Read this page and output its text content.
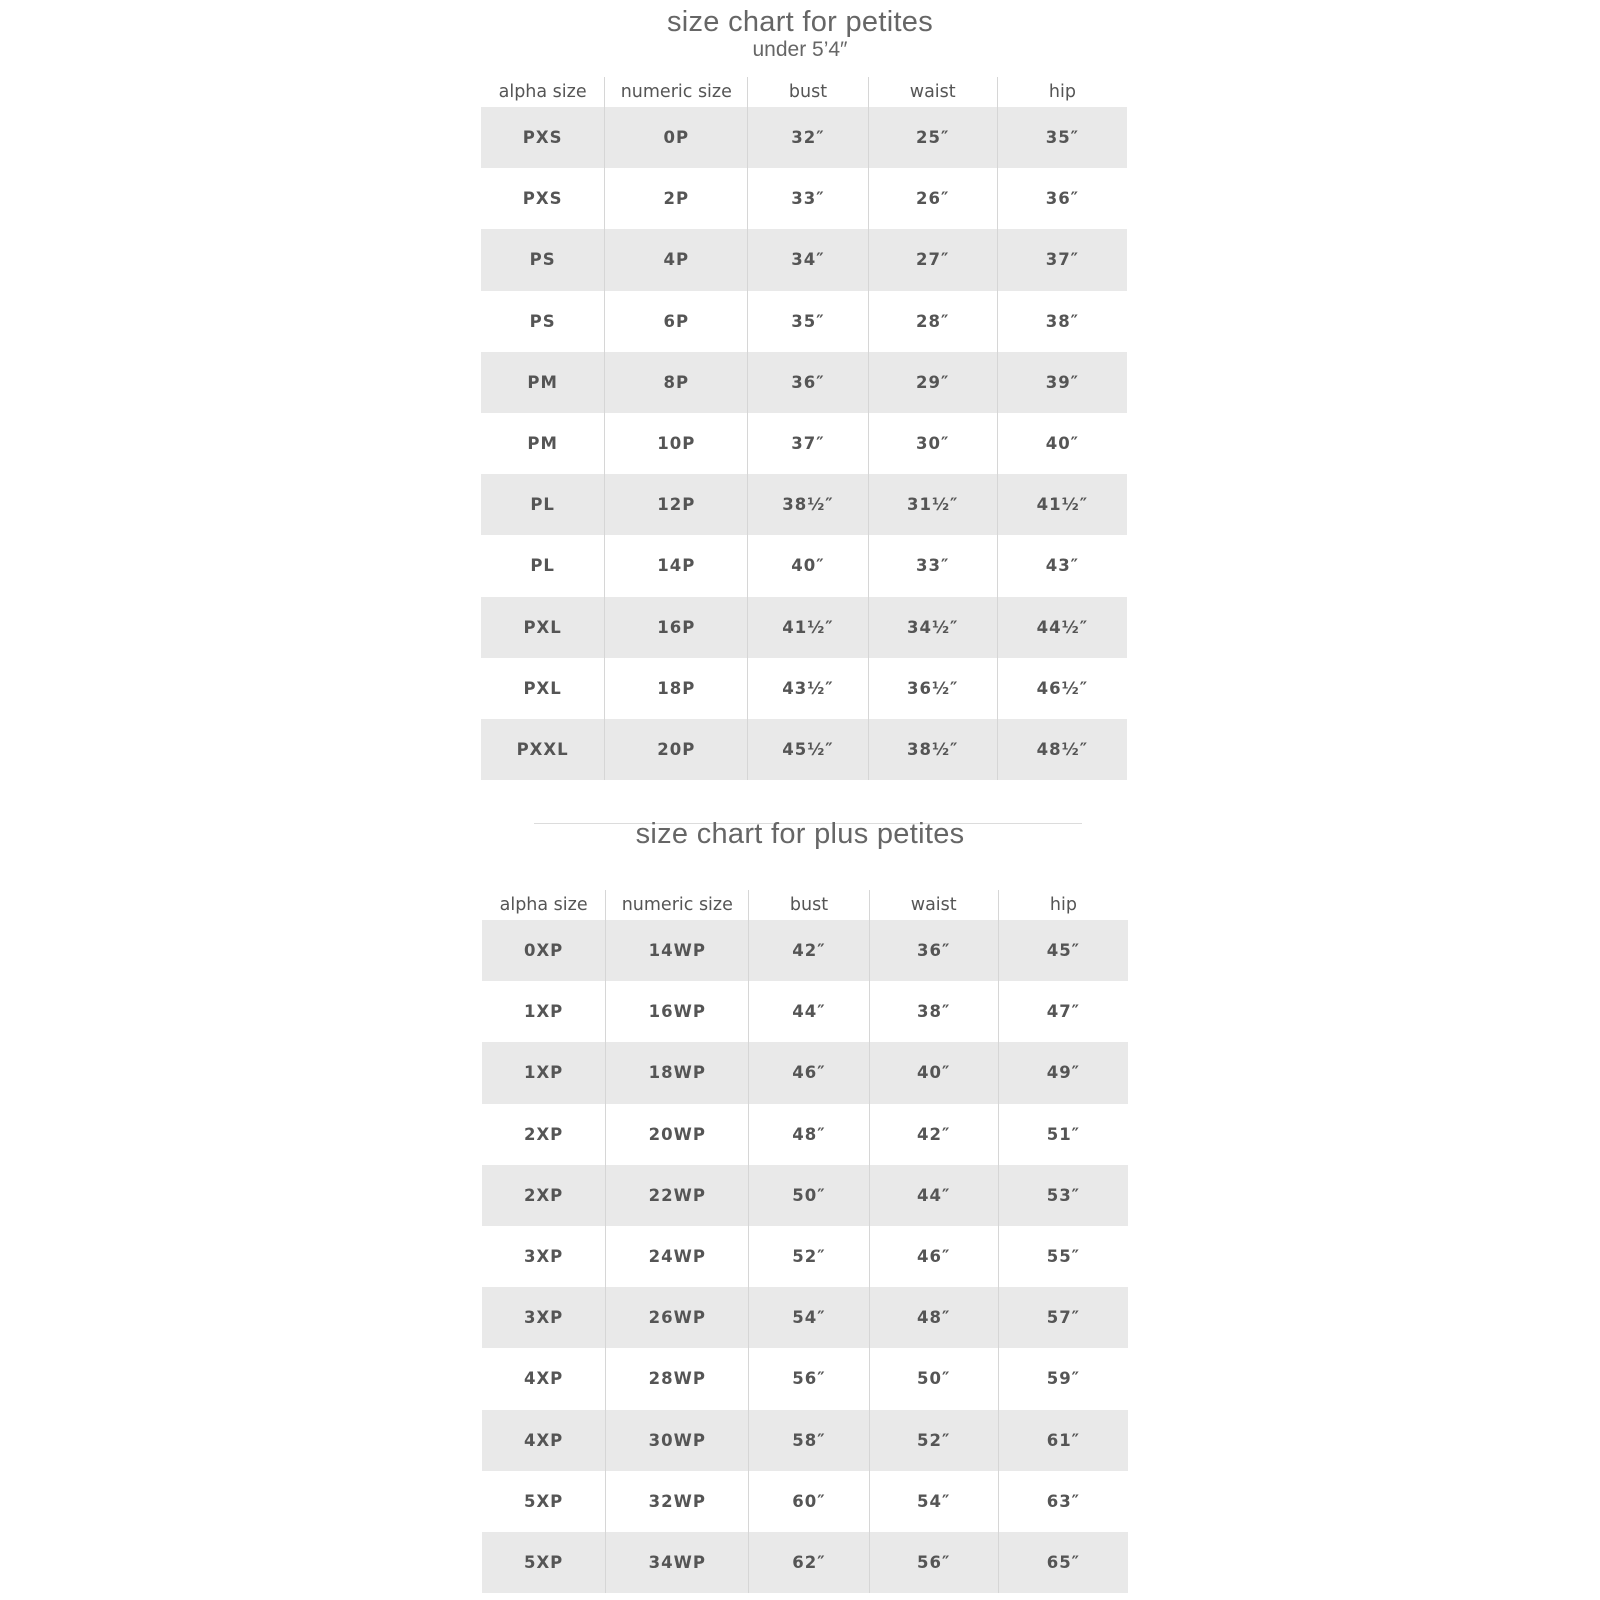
size chart for petites
under 5’4″
alpha size	numeric size	bust	waist	hip
PXS	0P	32″	25″	35″
PXS	2P	33″	26″	36″
PS	4P	34″	27″	37″
PS	6P	35″	28″	38″
PM	8P	36″	29″	39″
PM	10P	37″	30″	40″
PL	12P	38½″	31½″	41½″
PL	14P	40″	33″	43″
PXL	16P	41½″	34½″	44½″
PXL	18P	43½″	36½″	46½″
PXXL	20P	45½″	38½″	48½″
size chart for plus petites
alpha size	numeric size	bust	waist	hip
0XP	14WP	42″	36″	45″
1XP	16WP	44″	38″	47″
1XP	18WP	46″	40″	49″
2XP	20WP	48″	42″	51″
2XP	22WP	50″	44″	53″
3XP	24WP	52″	46″	55″
3XP	26WP	54″	48″	57″
4XP	28WP	56″	50″	59″
4XP	30WP	58″	52″	61″
5XP	32WP	60″	54″	63″
5XP	34WP	62″	56″	65″
